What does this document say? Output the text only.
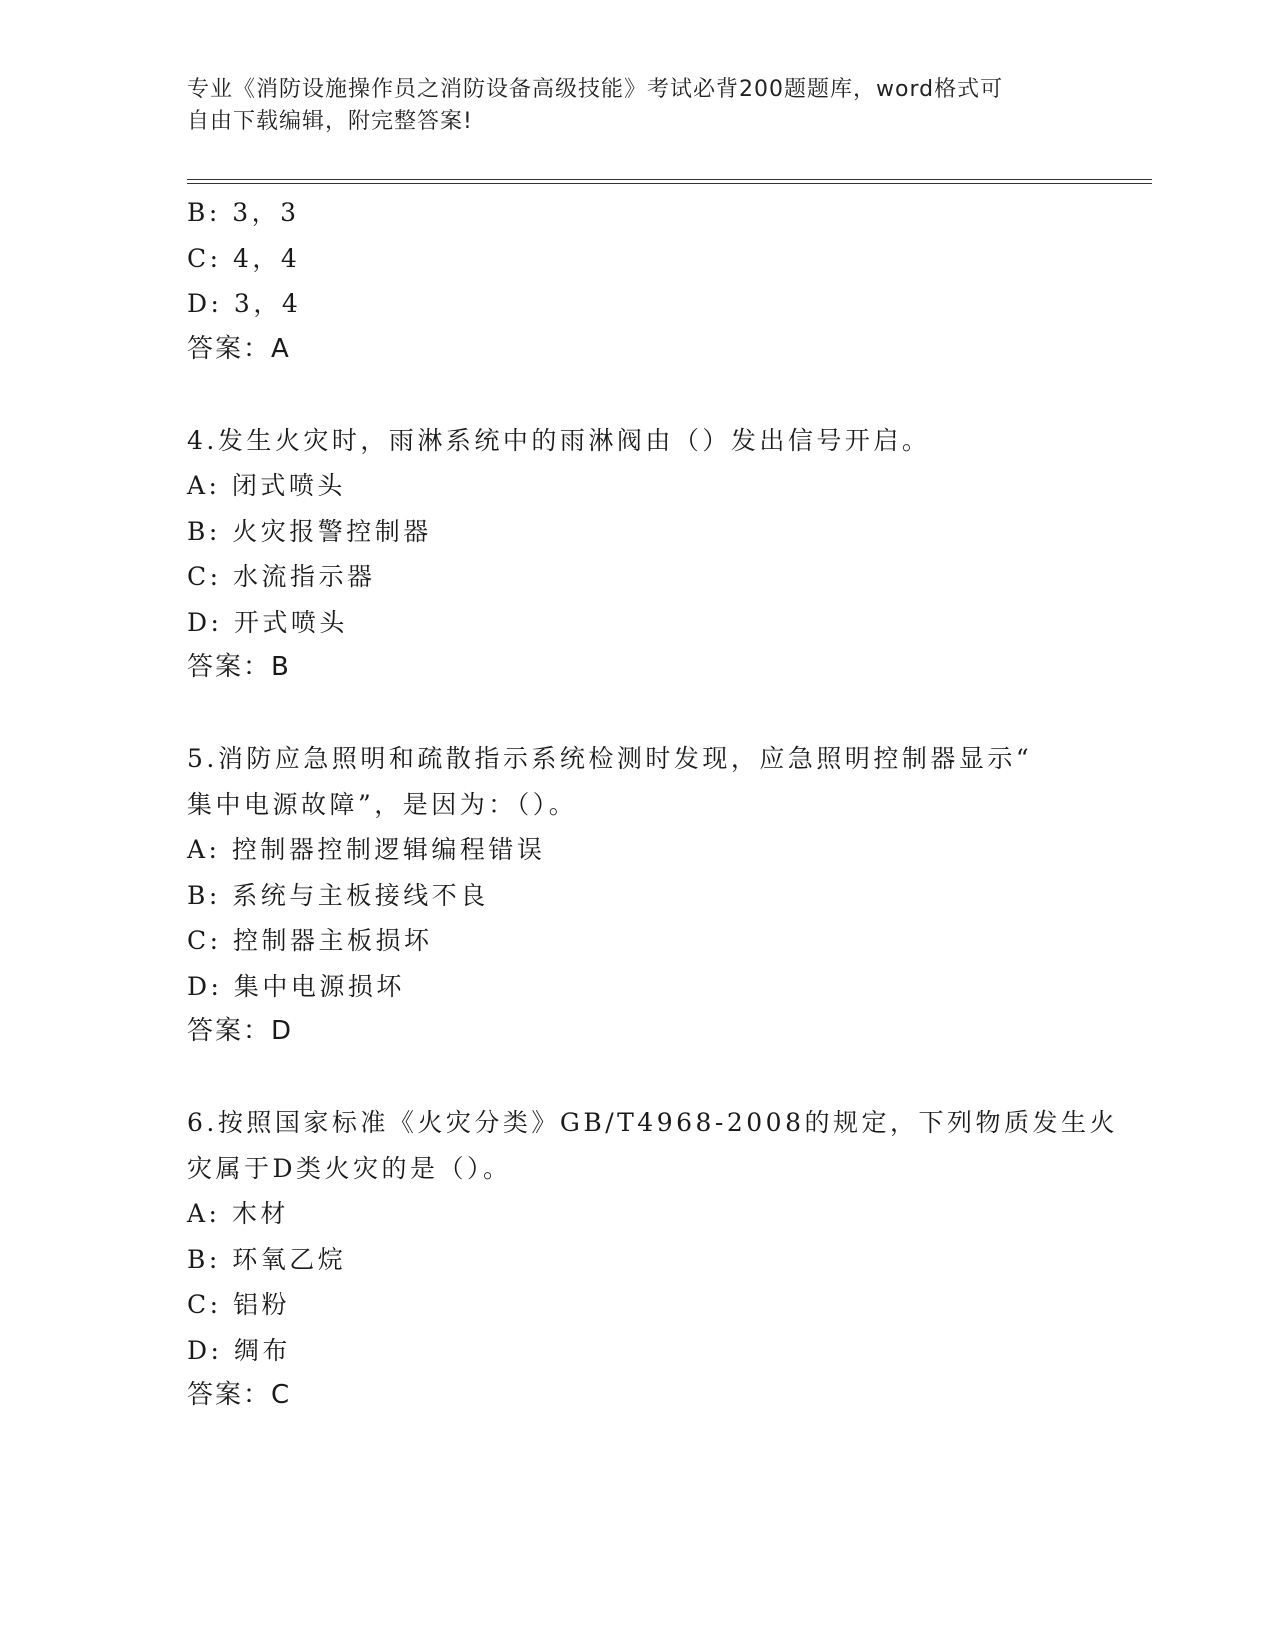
专业《消防设施操作员之消防设备高级技能》考试必背200题题库，word格式可
自由下载编辑，附完整答案!
B: 3，3
C: 4，4
D: 3，4
答案：A
4.发生火灾时，雨淋系统中的雨淋阀由（）发出信号开启。
A: 闭式喷头
B: 火灾报警控制器
C: 水流指示器
D: 开式喷头
答案：B
5.消防应急照明和疏散指示系统检测时发现，应急照明控制器显示“
集中电源故障”，是因为：（）。
A: 控制器控制逻辑编程错误
B: 系统与主板接线不良
C: 控制器主板损坏
D: 集中电源损坏
答案：D
6.按照国家标准《火灾分类》GB/T4968-2008的规定，下列物质发生火
灾属于D类火灾的是（）。
A: 木材
B: 环氧乙烷
C: 铝粉
D: 绸布
答案：C
